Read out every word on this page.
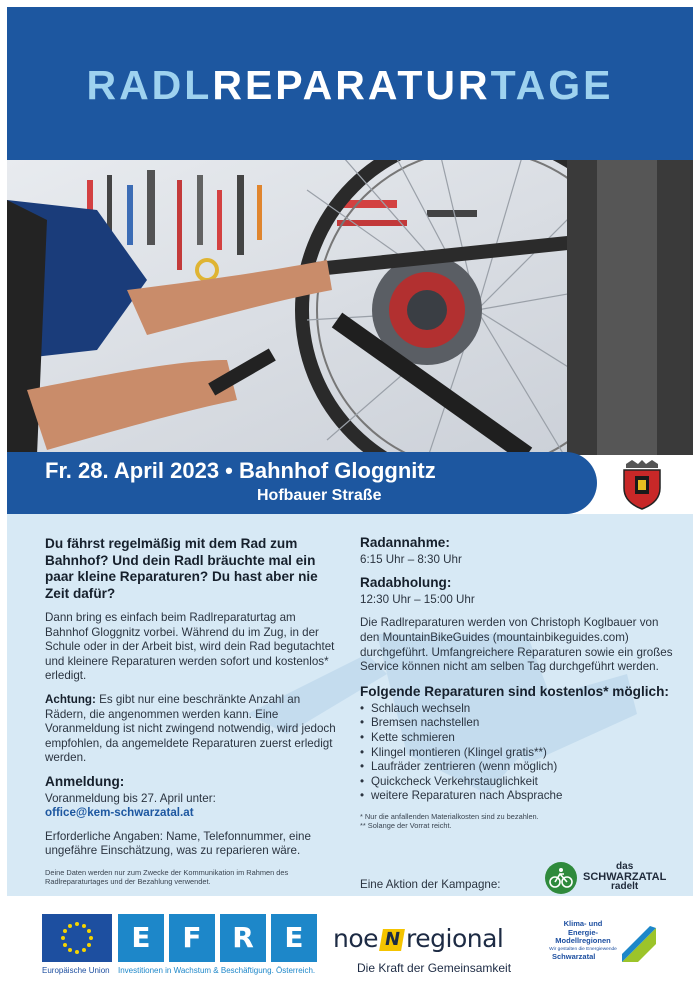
RADLREPARATURTAGE
Fr. 28. April 2023 • Bahnhof Gloggnitz
Hofbauer Straße
Du fährst regelmäßig mit dem Rad zum Bahnhof? Und dein Radl bräuchte mal ein paar kleine Reparaturen? Du hast aber nie Zeit dafür?
Dann bring es einfach beim Radlreparaturtag am Bahnhof Gloggnitz vorbei. Während du im Zug, in der Schule oder in der Arbeit bist, wird dein Rad begutachtet und kleinere Reparaturen werden sofort und kostenlos* erledigt.
Achtung: Es gibt nur eine beschränkte Anzahl an Rädern, die angenommen werden kann. Eine Voranmeldung ist nicht zwingend notwendig, wird jedoch empfohlen, da angemeldete Reparaturen zuerst erledigt werden.
Anmeldung:
Voranmeldung bis 27. April unter:
office@kem-schwarzatal.at
Erforderliche Angaben: Name, Telefonnummer, eine ungefähre Einschätzung, was zu reparieren wäre.
Deine Daten werden nur zum Zwecke der Kommunikation im Rahmen des Radlreparaturtages und der Bezahlung verwendet.
Radannahme:
6:15 Uhr – 8:30 Uhr
Radabholung:
12:30 Uhr – 15:00 Uhr
Die Radlreparaturen werden von Christoph Koglbauer von den MountainBikeGuides (mountainbikeguides.com) durchgeführt. Umfangreichere Reparaturen sowie ein großes Service können nicht am selben Tag durchgeführt werden.
Folgende Reparaturen sind kostenlos* möglich:
• Schlauch wechseln
• Bremsen nachstellen
• Kette schmieren
• Klingel montieren (Klingel gratis**)
• Laufräder zentrieren (wenn möglich)
• Quickcheck Verkehrstauglichkeit
• weitere Reparaturen nach Absprache
* Nur die anfallenden Materialkosten sind zu bezahlen.
** Solange der Vorrat reicht.
Eine Aktion der Kampagne:
das
SCHWARZATAL
radelt
E	F	R	E
Europäische Union Investitionen in Wachstum & Beschäftigung. Österreich.
noe N regional
Die Kraft der Gemeinsamkeit
Klima- und Energie-Modellregionen
Wir gestalten die Energiewende
Schwarzatal
